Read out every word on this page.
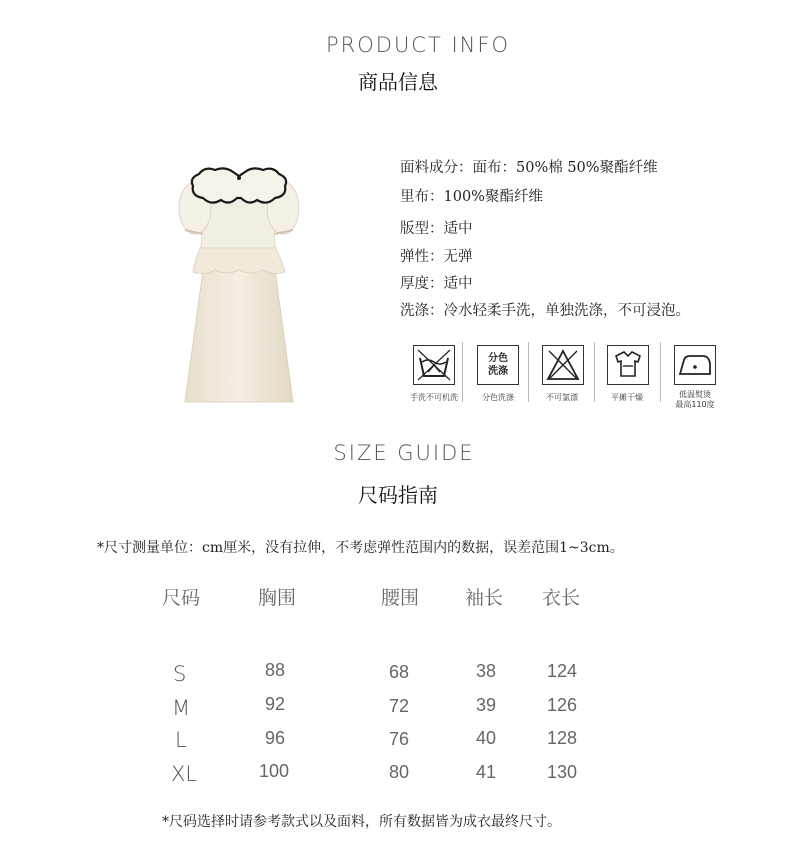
PRODUCT INFO
商品信息
面料成分：面布：50%棉 50%聚酯纤维
里布：100%聚酯纤维
版型：适中
弹性：无弹
厚度：适中
洗涤：冷水轻柔手洗，单独洗涤，不可浸泡。
手洗不可机洗
分色
洗涤
分色洗涤	不可氯漂	平摊干燥	低温熨烫
最高110度
SIZE GUIDE
尺码指南
*尺寸测量单位：cm厘米，没有拉伸，不考虑弹性范围内的数据，误差范围1~3cm。
尺码	胸围	腰围 袖长 衣长
S	88	68	38	124
M	92	72	39	126
L	96	76	40	128
XL	100	80	41	130
*尺码选择时请参考款式以及面料，所有数据皆为成衣最终尺寸。
